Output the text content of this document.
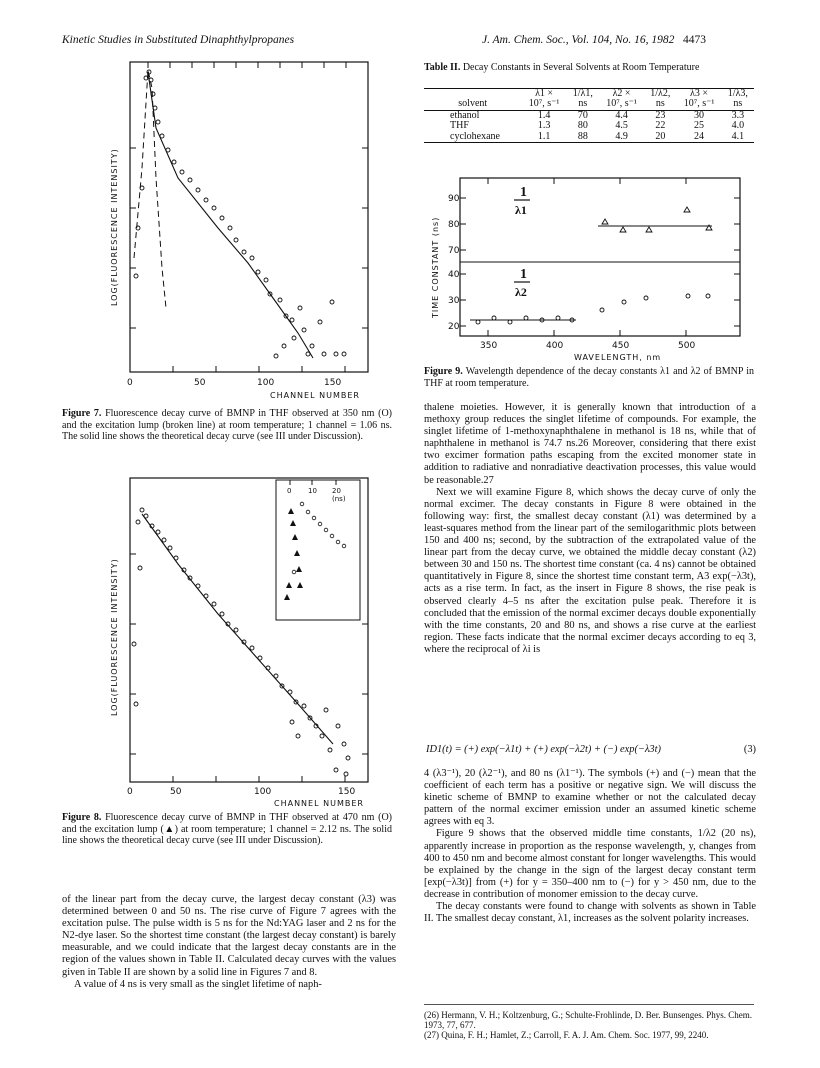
Kinetic Studies in Substituted Dinaphthylpropanes	J. Am. Chem. Soc., Vol. 104, No. 16, 1982 4473
LOG(FLUORESCENCE INTENSITY)
0	50	100	150
CHANNEL NUMBER
Figure 7. Fluorescence decay curve of BMNP in THF observed at 350 nm (O) and the excitation lump (broken line) at room temperature; 1 channel = 1.06 ns. The solid line shows the theoretical decay curve (see III under Discussion).
0 10 20
(ns)
LOG(FLUORESCENCE INTENSITY)
0	50	100	150
CHANNEL NUMBER
Figure 8. Fluorescence decay curve of BMNP in THF observed at 470 nm (O) and the excitation lump (▲) at room temperature; 1 channel = 2.12 ns. The solid line shows the theoretical decay curve (see III under Discussion).

of the linear part from the decay curve, the largest decay constant (λ3) was determined between 0 and 50 ns. The rise curve of Figure 7 agrees with the excitation pulse. The pulse width is 5 ns for the Nd:YAG laser and 2 ns for the N2-dye laser. So the shortest time constant (the largest decay constant) is barely measurable, and we could indicate that the largest decay constants are in the region of the values shown in Table II. Calculated decay curves with the values given in Table II are shown by a solid line in Figures 7 and 8.

A value of 4 ns is very small as the singlet lifetime of naph-

Table II. Decay Constants in Several Solvents at Room Temperature
	λ1 ×	1/λ1,	λ2 ×	1/λ2,	λ3 ×	1/λ3,
solvent	10⁷, s⁻¹	ns	10⁷, s⁻¹	ns	10⁷, s⁻¹	ns
ethanol	1.4	70	4.4	23	30	3.3
THF	1.3	80	4.5	22	25	4.0
cyclohexane	1.1	88	4.9	20	24	4.1
1
λ1
1
λ2
90
80
70
40
30
20
TIME CONSTANT (ns)
350	400	450	500
WAVELENGTH, nm
Figure 9. Wavelength dependence of the decay constants λ1 and λ2 of BMNP in THF at room temperature.

thalene moieties. However, it is generally known that introduction of a methoxy group reduces the singlet lifetime of compounds. For example, the singlet lifetime of 1-methoxynaphthalene in methanol is 18 ns, while that of naphthalene in methanol is 74.7 ns.26 Moreover, considering that there exist two excimer formation paths escaping from the excited monomer state in addition to radiative and nonradiative deactivation processes, this value would be reasonable.27

Next we will examine Figure 8, which shows the decay curve of only the normal excimer. The decay constants in Figure 8 were obtained in the following way: first, the smallest decay constant (λ1) was determined by a least-squares method from the linear part of the semilogarithmic plots between 150 and 400 ns; second, by the subtraction of the extrapolated value of the linear part from the decay curve, we obtained the middle decay constant (λ2) between 30 and 150 ns. The shortest time constant (ca. 4 ns) cannot be obtained quantitatively in Figure 8, since the shortest time constant term, A3 exp(−λ3t), acts as a rise term. In fact, as the insert in Figure 8 shows, the rise peak is observed clearly 4–5 ns after the excitation pulse peak. Therefore it is concluded that the emission of the normal excimer decays double exponentially with the time constants, 20 and 80 ns, and shows a rise curve at the earliest region. These facts indicate that the normal excimer decays according to eq 3, where the reciprocal of λi is

ID1(t) = (+) exp(−λ1t) + (+) exp(−λ2t) + (−) exp(−λ3t)	(3)

4 (λ3⁻¹), 20 (λ2⁻¹), and 80 ns (λ1⁻¹). The symbols (+) and (−) mean that the coefficient of each term has a positive or negative sign. We will discuss the kinetic scheme of BMNP to examine whether or not the calculated decay pattern of the normal excimer emission under an assumed kinetic scheme agrees with eq 3.

Figure 9 shows that the observed middle time constants, 1/λ2 (20 ns), apparently increase in proportion as the response wavelength, y, changes from 400 to 450 nm and become almost constant for longer wavelengths. This would be explained by the change in the sign of the largest decay constant term [exp(−λ3t)] from (+) for y = 350–400 nm to (−) for y > 450 nm, due to the decrease in contribution of monomer emission to the decay curve.

The decay constants were found to change with solvents as shown in Table II. The smallest decay constant, λ1, increases as the solvent polarity increases.

(26) Hermann, V. H.; Koltzenburg, G.; Schulte-Frohlinde, D. Ber. Bunsenges. Phys. Chem. 1973, 77, 677.
(27) Quina, F. H.; Hamlet, Z.; Carroll, F. A. J. Am. Chem. Soc. 1977, 99, 2240.
